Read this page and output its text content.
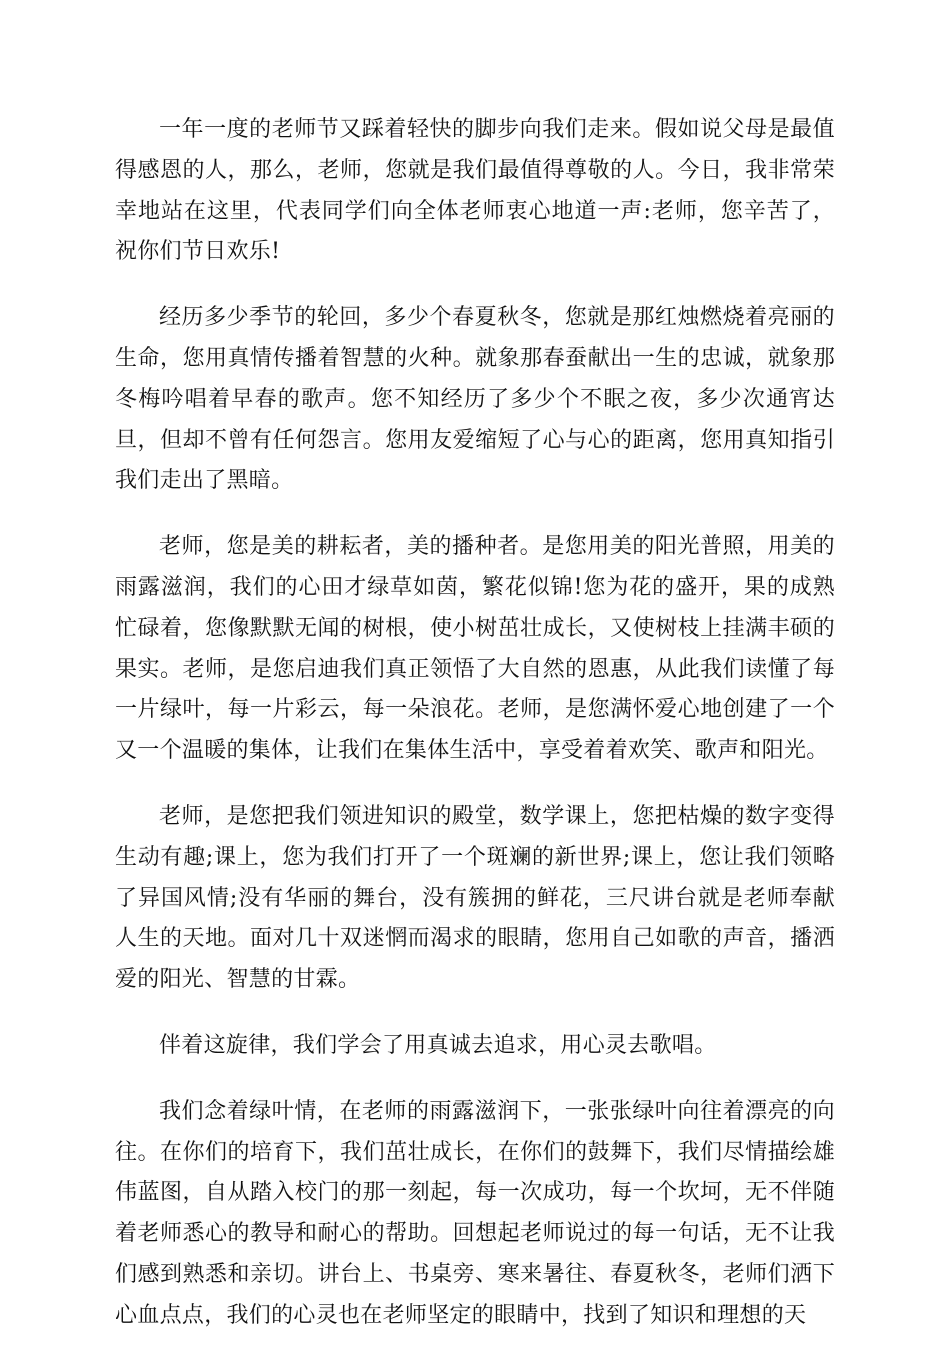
一年一度的老师节又踩着轻快的脚步向我们走来。假如说父母是最值得感恩的人，那么，老师，您就是我们最值得尊敬的人。今日，我非常荣幸地站在这里，代表同学们向全体老师衷心地道一声:老师，您辛苦了，祝你们节日欢乐!

经历多少季节的轮回，多少个春夏秋冬，您就是那红烛燃烧着亮丽的生命，您用真情传播着智慧的火种。就象那春蚕献出一生的忠诚，就象那冬梅吟唱着早春的歌声。您不知经历了多少个不眠之夜，多少次通宵达旦，但却不曾有任何怨言。您用友爱缩短了心与心的距离，您用真知指引我们走出了黑暗。

老师，您是美的耕耘者，美的播种者。是您用美的阳光普照，用美的雨露滋润，我们的心田才绿草如茵，繁花似锦!您为花的盛开，果的成熟忙碌着，您像默默无闻的树根，使小树茁壮成长，又使树枝上挂满丰硕的果实。老师，是您启迪我们真正领悟了大自然的恩惠，从此我们读懂了每一片绿叶，每一片彩云，每一朵浪花。老师，是您满怀爱心地创建了一个又一个温暖的集体，让我们在集体生活中，享受着着欢笑、歌声和阳光。

老师，是您把我们领进知识的殿堂，数学课上，您把枯燥的数字变得生动有趣;课上，您为我们打开了一个斑斓的新世界;课上，您让我们领略了异国风情;没有华丽的舞台，没有簇拥的鲜花，三尺讲台就是老师奉献人生的天地。面对几十双迷惘而渴求的眼睛，您用自己如歌的声音，播洒爱的阳光、智慧的甘霖。

伴着这旋律，我们学会了用真诚去追求，用心灵去歌唱。

我们念着绿叶情，在老师的雨露滋润下，一张张绿叶向往着漂亮的向往。在你们的培育下，我们茁壮成长，在你们的鼓舞下，我们尽情描绘雄伟蓝图，自从踏入校门的那一刻起，每一次成功，每一个坎坷，无不伴随着老师悉心的教导和耐心的帮助。回想起老师说过的每一句话，无不让我们感到熟悉和亲切。讲台上、书桌旁、寒来暑往、春夏秋冬，老师们洒下心血点点，我们的心灵也在老师坚定的眼睛中，找到了知识和理想的天
